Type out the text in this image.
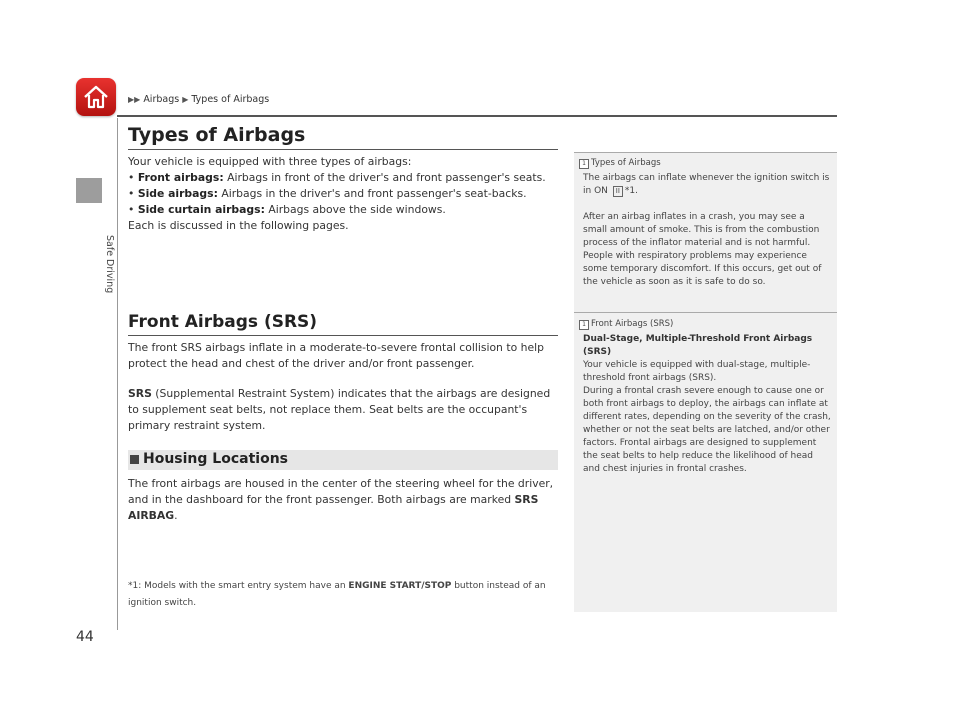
Safe Driving
44
▶▶ Airbags ▶ Types of Airbags
Types of Airbags
Your vehicle is equipped with three types of airbags:
• Front airbags: Airbags in front of the driver's and front passenger's seats.
• Side airbags: Airbags in the driver's and front passenger's seat-backs.
• Side curtain airbags: Airbags above the side windows.
Each is discussed in the following pages.
Front Airbags (SRS)
The front SRS airbags inflate in a moderate-to-severe frontal collision to help protect the head and chest of the driver and/or front passenger.
SRS (Supplemental Restraint System) indicates that the airbags are designed to supplement seat belts, not replace them. Seat belts are the occupant's primary restraint system.
Housing Locations
The front airbags are housed in the center of the steering wheel for the driver, and in the dashboard for the front passenger. Both airbags are marked SRS AIRBAG.
*1: Models with the smart entry system have an ENGINE START/STOP button instead of an ignition switch.
1 Types of Airbags
The airbags can inflate whenever the ignition switch is in ON II *1.
After an airbag inflates in a crash, you may see a small amount of smoke. This is from the combustion process of the inflator material and is not harmful. People with respiratory problems may experience some temporary discomfort. If this occurs, get out of the vehicle as soon as it is safe to do so.
1 Front Airbags (SRS)
Dual-Stage, Multiple-Threshold Front Airbags (SRS)
Your vehicle is equipped with dual-stage, multiple-threshold front airbags (SRS).
During a frontal crash severe enough to cause one or both front airbags to deploy, the airbags can inflate at different rates, depending on the severity of the crash, whether or not the seat belts are latched, and/or other factors. Frontal airbags are designed to supplement the seat belts to help reduce the likelihood of head and chest injuries in frontal crashes.
